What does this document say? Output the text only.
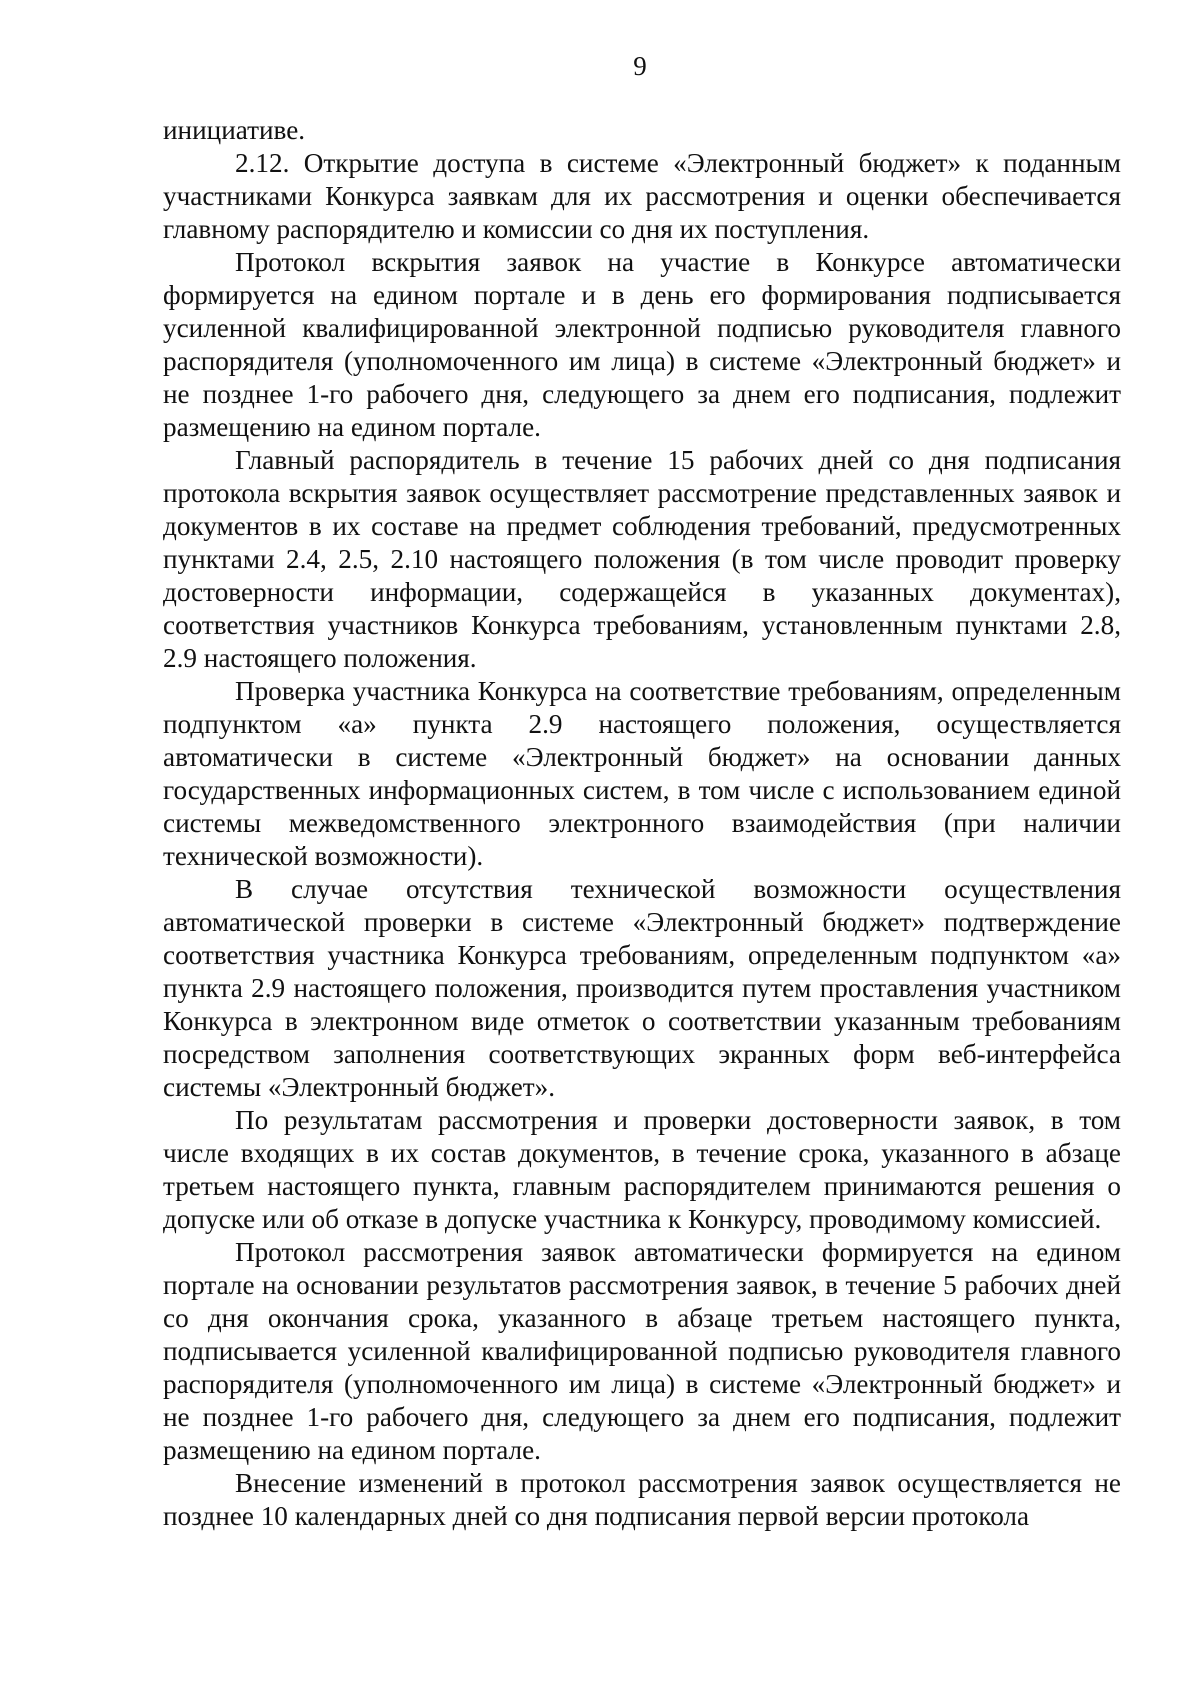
9

инициативе.

2.12. Открытие доступа в системе «Электронный бюджет» к поданным участниками Конкурса заявкам для их рассмотрения и оценки обеспечивается главному распорядителю и комиссии со дня их поступления.

Протокол вскрытия заявок на участие в Конкурсе автоматически формируется на едином портале и в день его формирования подписывается усиленной квалифицированной электронной подписью руководителя главного распорядителя (уполномоченного им лица) в системе «Электронный бюджет» и не позднее 1-го рабочего дня, следующего за днем его подписания, подлежит размещению на едином портале.

Главный распорядитель в течение 15 рабочих дней со дня подписания протокола вскрытия заявок осуществляет рассмотрение представленных заявок и документов в их составе на предмет соблюдения требований, предусмотренных пунктами 2.4, 2.5, 2.10 настоящего положения (в том числе проводит проверку достоверности информации, содержащейся в указанных документах), соответствия участников Конкурса требованиям, установленным пунктами 2.8, 2.9 настоящего положения.

Проверка участника Конкурса на соответствие требованиям, определенным подпунктом «а» пункта 2.9 настоящего положения, осуществляется автоматически в системе «Электронный бюджет» на основании данных государственных информационных систем, в том числе с использованием единой системы межведомственного электронного взаимодействия (при наличии технической возможности).

В случае отсутствия технической возможности осуществления автоматической проверки в системе «Электронный бюджет» подтверждение соответствия участника Конкурса требованиям, определенным подпунктом «а» пункта 2.9 настоящего положения, производится путем проставления участником Конкурса в электронном виде отметок о соответствии указанным требованиям посредством заполнения соответствующих экранных форм веб-интерфейса системы «Электронный бюджет».

По результатам рассмотрения и проверки достоверности заявок, в том числе входящих в их состав документов, в течение срока, указанного в абзаце третьем настоящего пункта, главным распорядителем принимаются решения о допуске или об отказе в допуске участника к Конкурсу, проводимому комиссией.

Протокол рассмотрения заявок автоматически формируется на едином портале на основании результатов рассмотрения заявок, в течение 5 рабочих дней со дня окончания срока, указанного в абзаце третьем настоящего пункта, подписывается усиленной квалифицированной подписью руководителя главного распорядителя (уполномоченного им лица) в системе «Электронный бюджет» и не позднее 1-го рабочего дня, следующего за днем его подписания, подлежит размещению на едином портале.

Внесение изменений в протокол рассмотрения заявок осуществляется не позднее 10 календарных дней со дня подписания первой версии протокола
